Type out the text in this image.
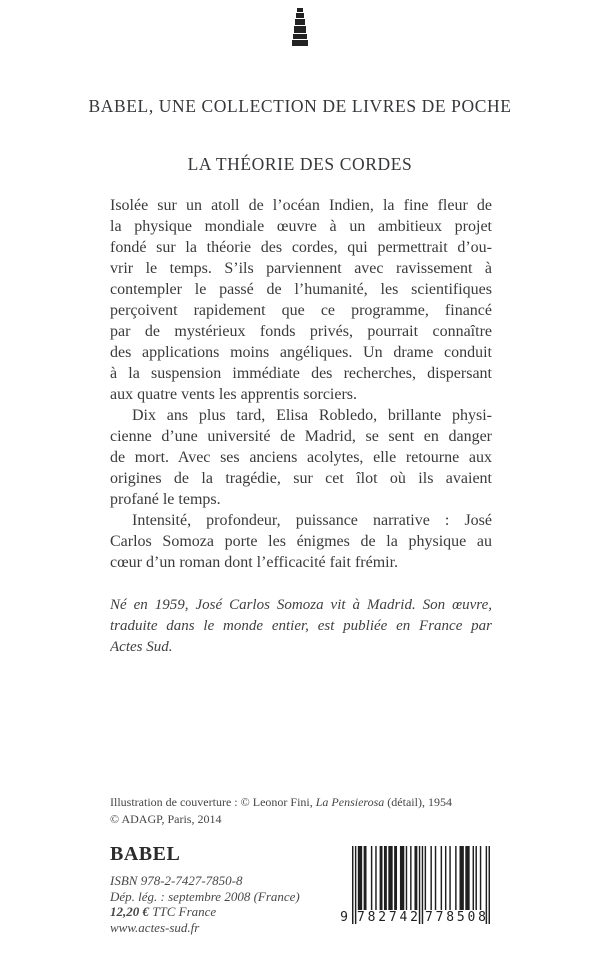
BABEL, UNE COLLECTION DE LIVRES DE POCHE
LA THÉORIE DES CORDES
Isolée sur un atoll de l’océan Indien, la fine fleur de
la physique mondiale œuvre à un ambitieux projet
fondé sur la théorie des cordes, qui permettrait d’ou-
vrir le temps. S’ils parviennent avec ravissement à
contempler le passé de l’humanité, les scientifiques
perçoivent rapidement que ce programme, financé
par de mystérieux fonds privés, pourrait connaître
des applications moins angéliques. Un drame conduit
à la suspension immédiate des recherches, dispersant
aux quatre vents les apprentis sorciers.
Dix ans plus tard, Elisa Robledo, brillante physi-
cienne d’une université de Madrid, se sent en danger
de mort. Avec ses anciens acolytes, elle retourne aux
origines de la tragédie, sur cet îlot où ils avaient
profané le temps.
Intensité, profondeur, puissance narrative : José
Carlos Somoza porte les énigmes de la physique au
cœur d’un roman dont l’efficacité fait frémir.
Né en 1959, José Carlos Somoza vit à Madrid. Son œuvre,
traduite dans le monde entier, est publiée en France par
Actes Sud.
Illustration de couverture : © Leonor Fini, La Pensierosa (détail), 1954
© ADAGP, Paris, 2014
BABEL
ISBN 978-2-7427-7850-8
Dép. lég. : septembre 2008 (France)
12,20 € TTC France
www.actes-sud.fr
9 7 8 2 7 4 2 7 7 8 5 0 8
